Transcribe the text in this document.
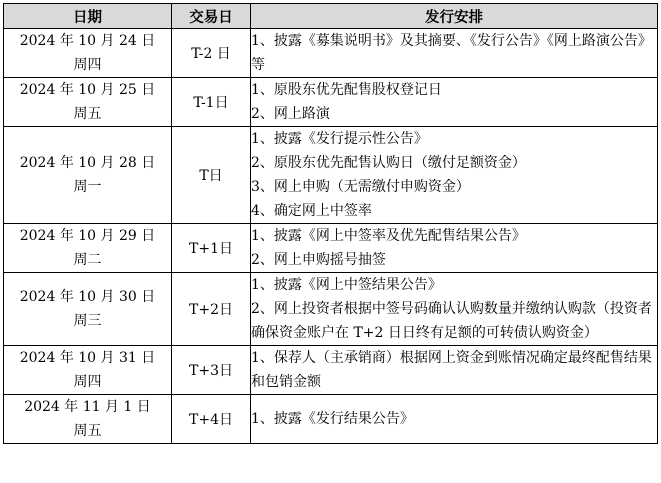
日期	交易日	发行安排

2024 年 10 月 24 日
周四	T-2 日	1、披露《募集说明书》及其摘要、《发行公告》《网上路演公告》等

2024 年 10 月 25 日
周五	T-1日	1、原股东优先配售股权登记日
2、网上路演

2024 年 10 月 28 日
周一	T日	1、披露《发行提示性公告》
2、原股东优先配售认购日（缴付足额资金）
3、网上申购（无需缴付申购资金）
4、确定网上中签率

2024 年 10 月 29 日
周二	T+1日	1、披露《网上中签率及优先配售结果公告》
2、网上申购摇号抽签

2024 年 10 月 30 日
周三	T+2日	1、披露《网上中签结果公告》
2、网上投资者根据中签号码确认认购数量并缴纳认购款（投资者确保资金账户在 T+2 日日终有足额的可转债认购资金）

2024 年 10 月 31 日
周四	T+3日	1、保荐人（主承销商）根据网上资金到账情况确定最终配售结果和包销金额

2024 年 11 月 1 日
周五	T+4日	1、披露《发行结果公告》
